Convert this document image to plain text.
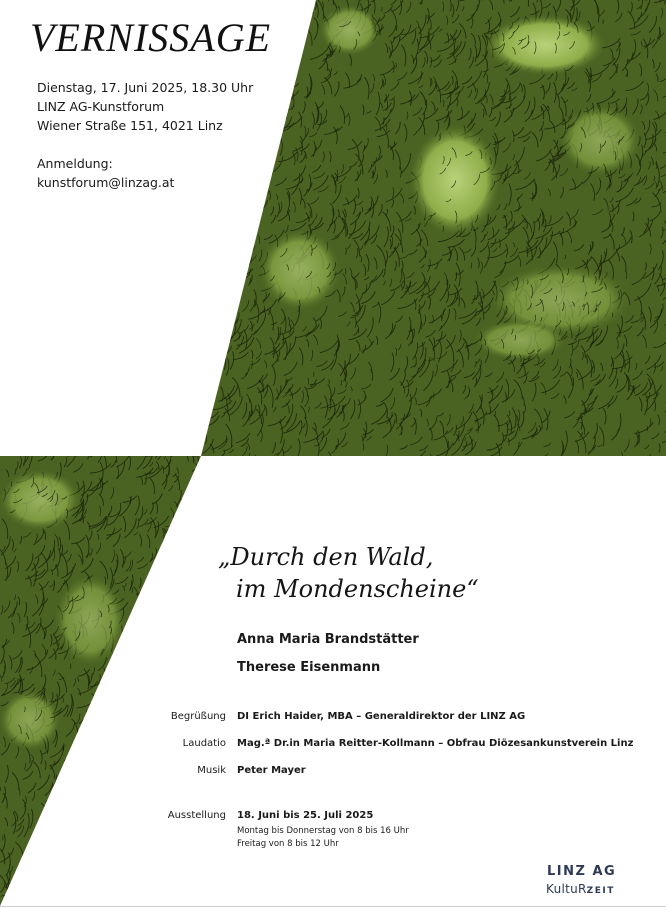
VERNISSAGE
Dienstag, 17. Juni 2025, 18.30 Uhr
LINZ AG-Kunstforum
Wiener Straße 151, 4021 Linz
Anmeldung:
kunstforum@linzag.at
„Durch den Wald,
im Mondenscheine“
Anna Maria Brandstätter
Therese Eisenmann
Begrüßung DI Erich Haider, MBA – Generaldirektor der LINZ AG
Laudatio Mag.ª Dr.in Maria Reitter-Kollmann – Obfrau Diözesankunstverein Linz
Musik Peter Mayer
Ausstellung 18. Juni bis 25. Juli 2025
Montag bis Donnerstag von 8 bis 16 Uhr
Freitag von 8 bis 12 Uhr
LINZ AG
KultuRZEIT
